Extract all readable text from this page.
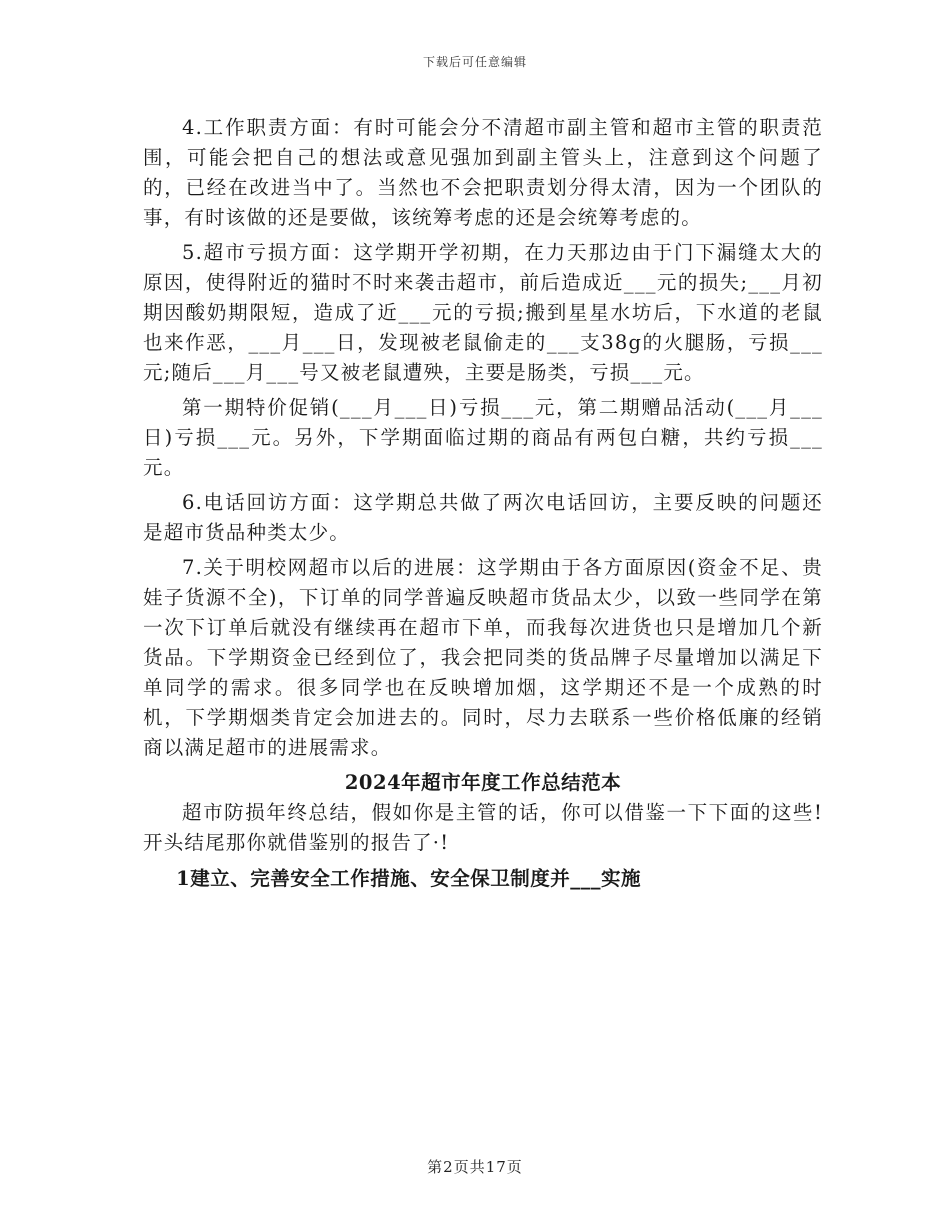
下载后可任意编辑

4.工作职责方面：有时可能会分不清超市副主管和超市主管的职责范围，可能会把自己的想法或意见强加到副主管头上，注意到这个问题了的，已经在改进当中了。当然也不会把职责划分得太清，因为一个团队的事，有时该做的还是要做，该统筹考虑的还是会统筹考虑的。

5.超市亏损方面：这学期开学初期，在力天那边由于门下漏缝太大的原因，使得附近的猫时不时来袭击超市，前后造成近___元的损失;___月初期因酸奶期限短，造成了近___元的亏损;搬到星星水坊后，下水道的老鼠也来作恶，___月___日，发现被老鼠偷走的___支38g的火腿肠，亏损___元;随后___月___号又被老鼠遭殃，主要是肠类，亏损___元。

第一期特价促销(___月___日)亏损___元，第二期赠品活动(___月___日)亏损___元。另外，下学期面临过期的商品有两包白糖，共约亏损___元。

6.电话回访方面：这学期总共做了两次电话回访，主要反映的问题还是超市货品种类太少。

7.关于明校网超市以后的进展：这学期由于各方面原因(资金不足、贵娃子货源不全)，下订单的同学普遍反映超市货品太少，以致一些同学在第一次下订单后就没有继续再在超市下单，而我每次进货也只是增加几个新货品。下学期资金已经到位了，我会把同类的货品牌子尽量增加以满足下单同学的需求。很多同学也在反映增加烟，这学期还不是一个成熟的时机，下学期烟类肯定会加进去的。同时，尽力去联系一些价格低廉的经销商以满足超市的进展需求。

2024年超市年度工作总结范本

超市防损年终总结，假如你是主管的话，你可以借鉴一下下面的这些!开头结尾那你就借鉴别的报告了·!

1建立、完善安全工作措施、安全保卫制度并___实施
第2页共17页
